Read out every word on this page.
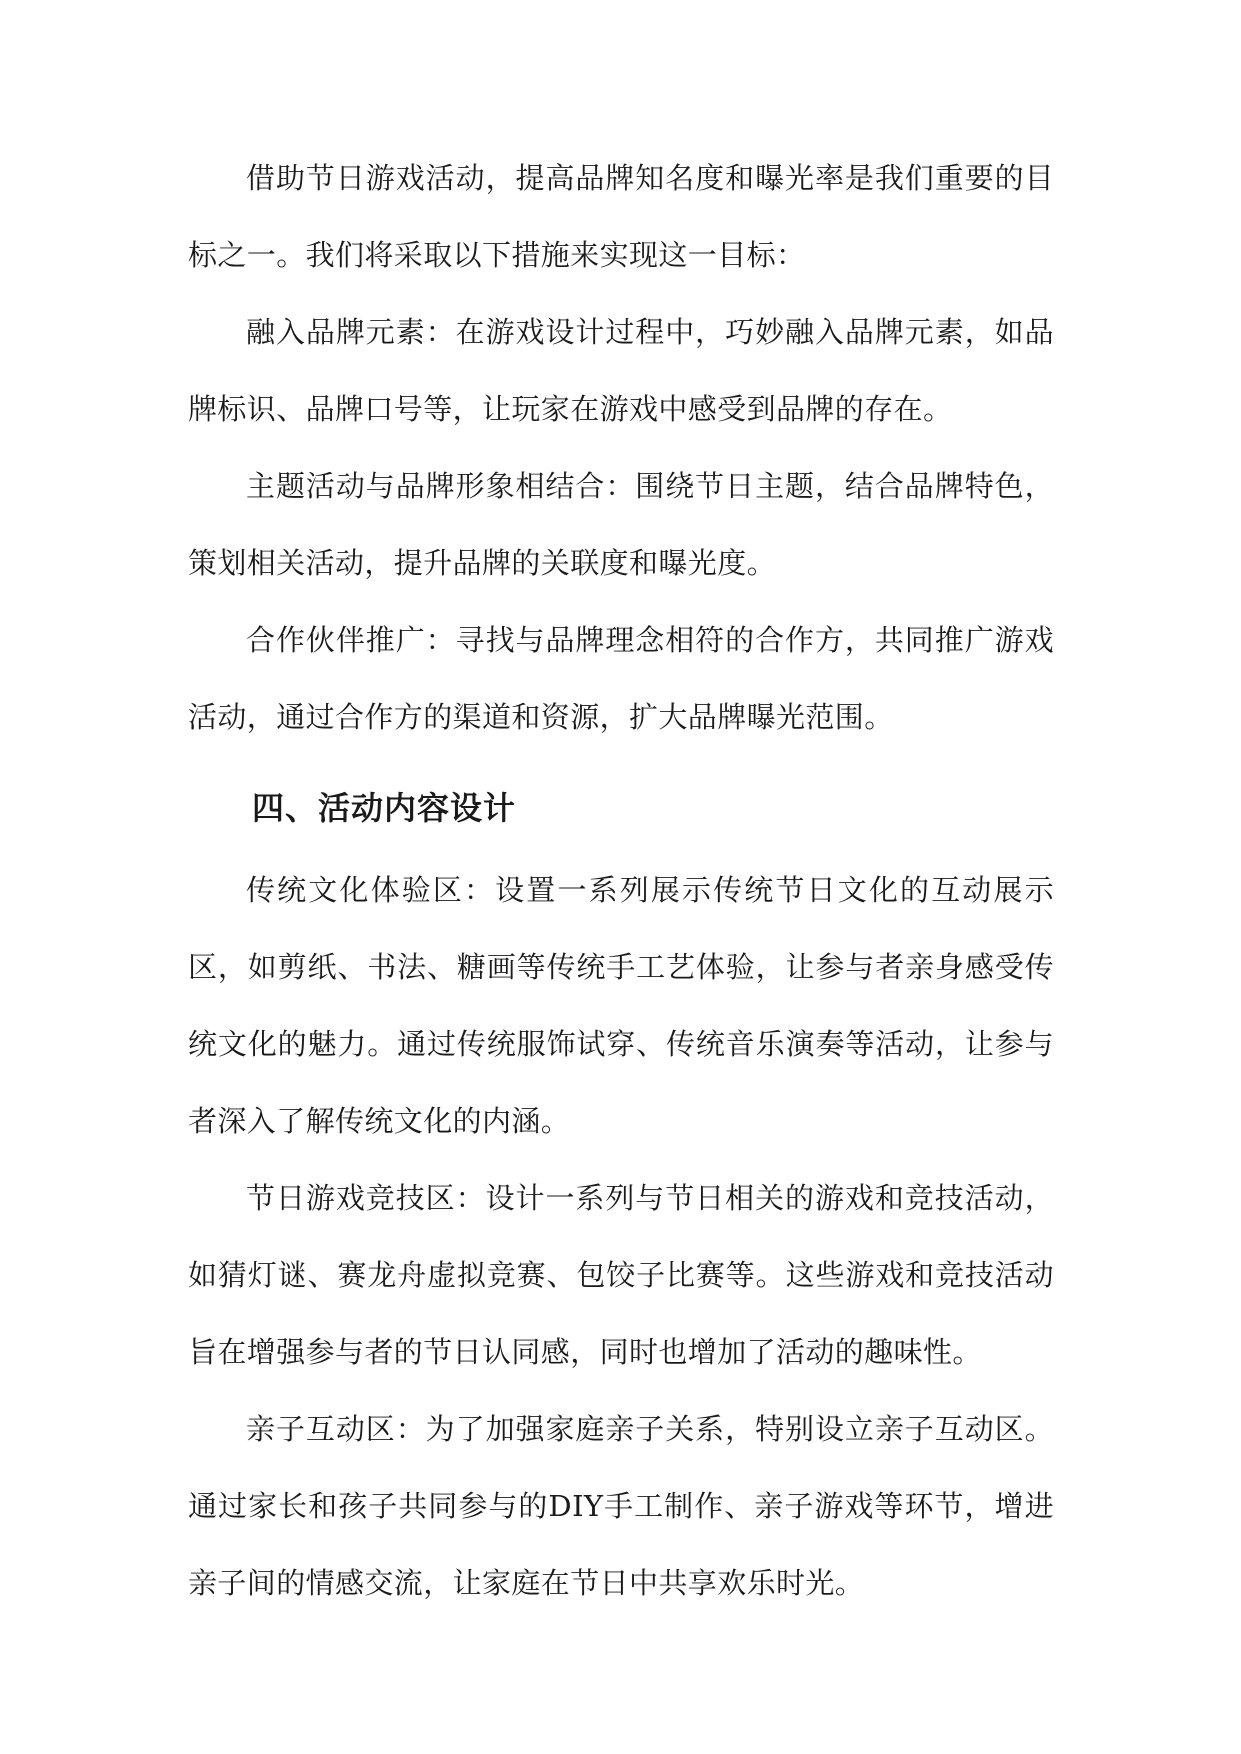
借助节日游戏活动，提高品牌知名度和曝光率是我们重要的目标之一。我们将采取以下措施来实现这一目标：

融入品牌元素：在游戏设计过程中，巧妙融入品牌元素，如品牌标识、品牌口号等，让玩家在游戏中感受到品牌的存在。

主题活动与品牌形象相结合：围绕节日主题，结合品牌特色，策划相关活动，提升品牌的关联度和曝光度。

合作伙伴推广：寻找与品牌理念相符的合作方，共同推广游戏活动，通过合作方的渠道和资源，扩大品牌曝光范围。

四、活动内容设计

传统文化体验区：设置一系列展示传统节日文化的互动展示区，如剪纸、书法、糖画等传统手工艺体验，让参与者亲身感受传统文化的魅力。通过传统服饰试穿、传统音乐演奏等活动，让参与者深入了解传统文化的内涵。

节日游戏竞技区：设计一系列与节日相关的游戏和竞技活动，如猜灯谜、赛龙舟虚拟竞赛、包饺子比赛等。这些游戏和竞技活动旨在增强参与者的节日认同感，同时也增加了活动的趣味性。

亲子互动区：为了加强家庭亲子关系，特别设立亲子互动区。通过家长和孩子共同参与的DIY手工制作、亲子游戏等环节，增进亲子间的情感交流，让家庭在节日中共享欢乐时光。
